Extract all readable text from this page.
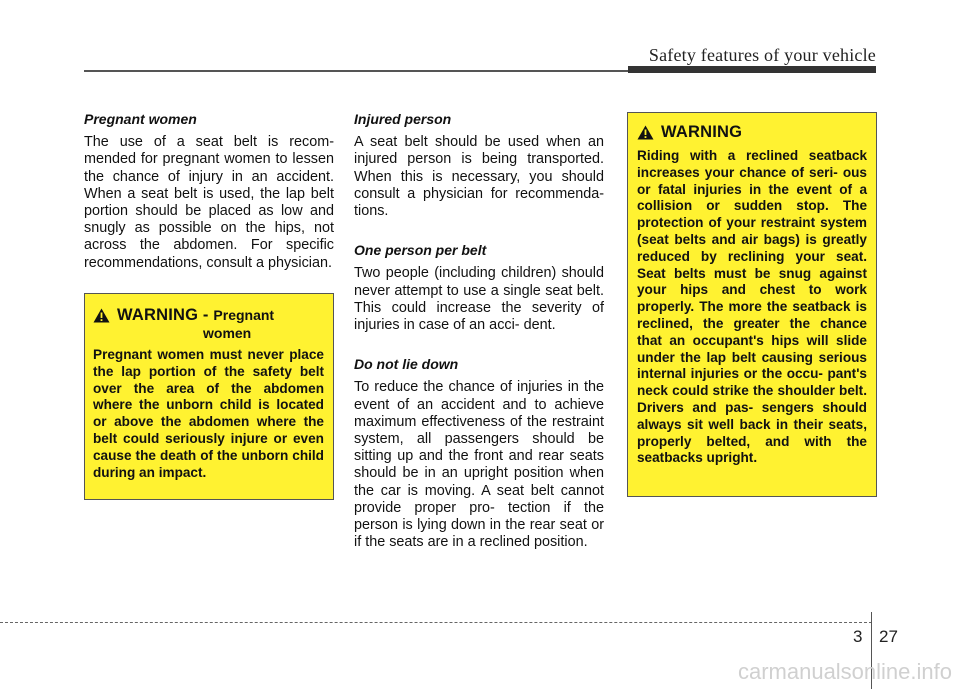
Safety features of your vehicle
Pregnant women

The use of a seat belt is recom- mended for pregnant women to lessen the chance of injury in an accident. When a seat belt is used, the lap belt portion should be placed as low and snugly as possible on the hips, not across the abdomen. For specific recommendations, consult a physician.

WARNING - Pregnant
women
Pregnant women must never place the lap portion of the safety belt over the area of the abdomen where the unborn child is located or above the abdomen where the belt could seriously injure or even cause the death of the unborn child during an impact.
Injured person

A seat belt should be used when an injured person is being transported. When this is necessary, you should consult a physician for recommenda- tions.

One person per belt

Two people (including children) should never attempt to use a single seat belt. This could increase the severity of injuries in case of an acci- dent.

Do not lie down

To reduce the chance of injuries in the event of an accident and to achieve maximum effectiveness of the restraint system, all passengers should be sitting up and the front and rear seats should be in an upright position when the car is moving. A seat belt cannot provide proper pro- tection if the person is lying down in the rear seat or if the seats are in a reclined position.

WARNING
Riding with a reclined seatback increases your chance of seri- ous or fatal injuries in the event of a collision or sudden stop. The protection of your restraint system (seat belts and air bags) is greatly reduced by reclining your seat. Seat belts must be snug against your hips and chest to work properly. The more the seatback is reclined, the greater the chance that an occupant's hips will slide under the lap belt causing serious internal injuries or the occu- pant's neck could strike the shoulder belt. Drivers and pas- sengers should always sit well back in their seats, properly belted, and with the seatbacks upright.
3 27
carmanualsonline.info
